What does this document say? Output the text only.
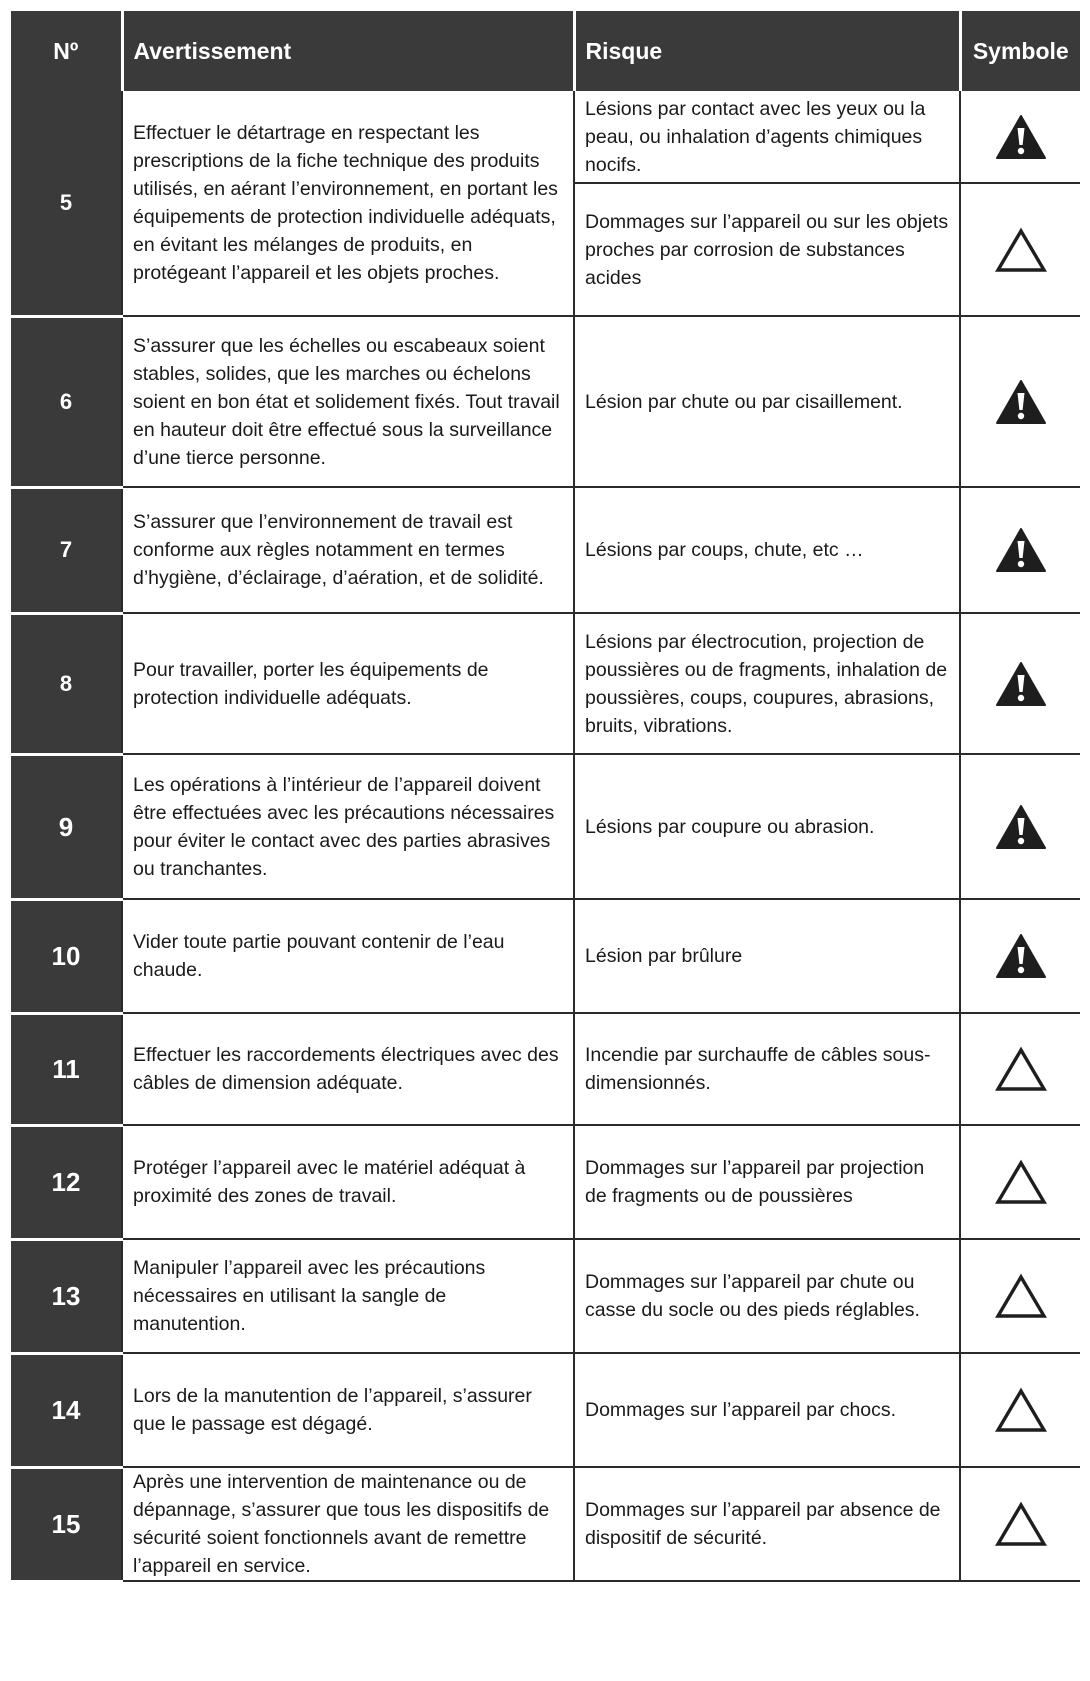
Nº	Avertissement	Risque	Symbole
5	Effectuer le détartrage en respectant les prescriptions de la fiche technique des produits utilisés, en aérant l’environnement, en portant les équipements de protection individuelle adéquats, en évitant les mélanges de produits, en protégeant l’appareil et les objets proches.	Lésions par contact avec les yeux ou la peau, ou inhalation d’agents chimiques nocifs.	
		Dommages sur l’appareil ou sur les objets proches par corrosion de substances acides	
6	S’assurer que les échelles ou escabeaux soient stables, solides, que les marches ou échelons soient en bon état et solidement fixés. Tout travail en hauteur doit être effectué sous la surveillance d’une tierce personne.	Lésion par chute ou par cisaillement.	
7	S’assurer que l’environnement de travail est conforme aux règles notamment en termes d’hygiène, d’éclairage, d’aération, et de solidité.	Lésions par coups, chute, etc …	
8	Pour travailler, porter les équipements de protection individuelle adéquats.	Lésions par électrocution, projection de poussières ou de fragments, inhalation de poussières, coups, coupures, abrasions, bruits, vibrations.	
9	Les opérations à l’intérieur de l’appareil doivent être effectuées avec les précautions nécessaires pour éviter le contact avec des parties abrasives ou tranchantes.	Lésions par coupure ou abrasion.	
10	Vider toute partie pouvant contenir de l’eau chaude.	Lésion par brûlure	
11	Effectuer les raccordements électriques avec des câbles de dimension adéquate.	Incendie par surchauffe de câbles sous-dimensionnés.	
12	Protéger l’appareil avec le matériel adéquat à proximité des zones de travail.	Dommages sur l’appareil par projection de fragments ou de poussières	
13	Manipuler l’appareil avec les précautions nécessaires en utilisant la sangle de manutention.	Dommages sur l’appareil par chute ou casse du socle ou des pieds réglables.	
14	Lors de la manutention de l’appareil, s’assurer que le passage est dégagé.	Dommages sur l’appareil par chocs.	
15	Après une intervention de maintenance ou de dépannage, s’assurer que tous les dispositifs de sécurité soient fonctionnels avant de remettre l’appareil en service.	Dommages sur l’appareil par absence de dispositif de sécurité.	
